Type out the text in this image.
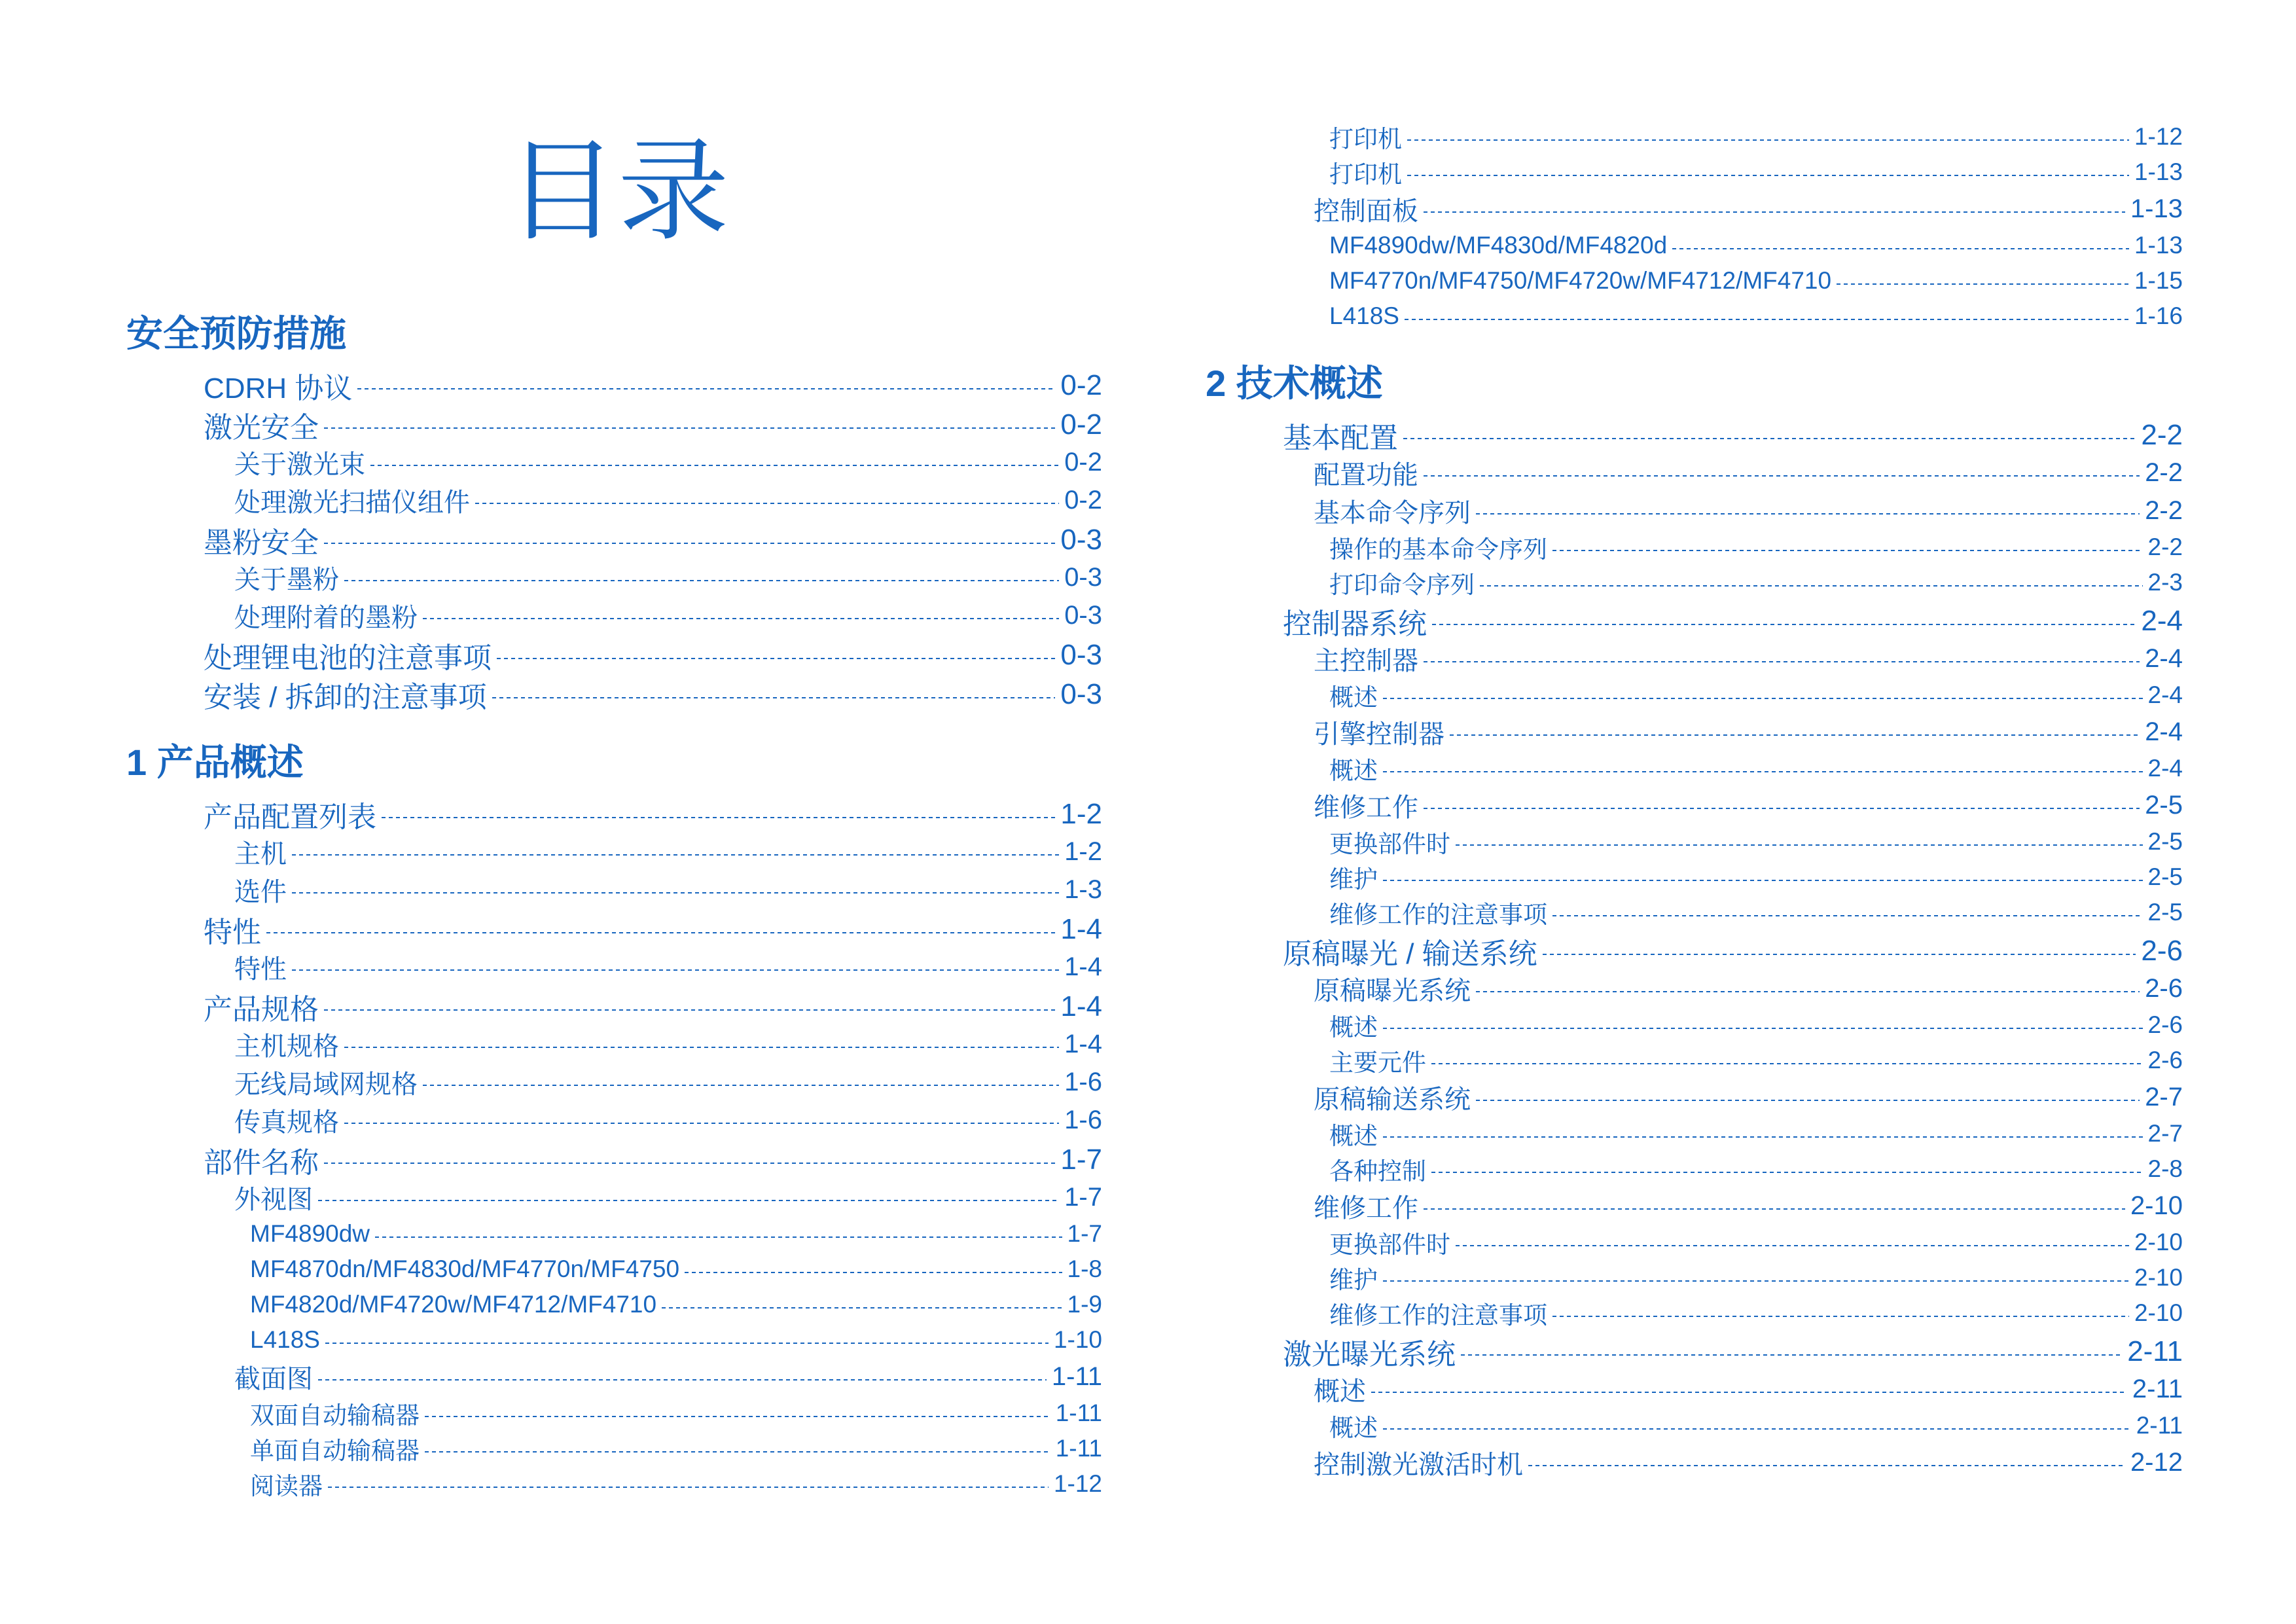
目录
安全预防措施
CDRH 协议	0-2
激光安全	0-2
关于激光束	0-2
处理激光扫描仪组件	0-2
墨粉安全	0-3
关于墨粉	0-3
处理附着的墨粉	0-3
处理锂电池的注意事项	0-3
安装 / 拆卸的注意事项	0-3
1 产品概述
产品配置列表	1-2
主机	1-2
选件	1-3
特性	1-4
特性	1-4
产品规格	1-4
主机规格	1-4
无线局域网规格	1-6
传真规格	1-6
部件名称	1-7
外视图	1-7
MF4890dw	1-7
MF4870dn/MF4830d/MF4770n/MF4750	1-8
MF4820d/MF4720w/MF4712/MF4710	1-9
L418S	1-10
截面图	1-11
双面自动输稿器	1-11
单面自动输稿器	1-11
阅读器	1-12
打印机	1-12
打印机	1-13
控制面板	1-13
MF4890dw/MF4830d/MF4820d	1-13
MF4770n/MF4750/MF4720w/MF4712/MF4710	1-15
L418S	1-16
2 技术概述
基本配置	2-2
配置功能	2-2
基本命令序列	2-2
操作的基本命令序列	2-2
打印命令序列	2-3
控制器系统	2-4
主控制器	2-4
概述	2-4
引擎控制器	2-4
概述	2-4
维修工作	2-5
更换部件时	2-5
维护	2-5
维修工作的注意事项	2-5
原稿曝光 / 输送系统	2-6
原稿曝光系统	2-6
概述	2-6
主要元件	2-6
原稿输送系统	2-7
概述	2-7
各种控制	2-8
维修工作	2-10
更换部件时	2-10
维护	2-10
维修工作的注意事项	2-10
激光曝光系统	2-11
概述	2-11
概述	2-11
控制激光激活时机	2-12
